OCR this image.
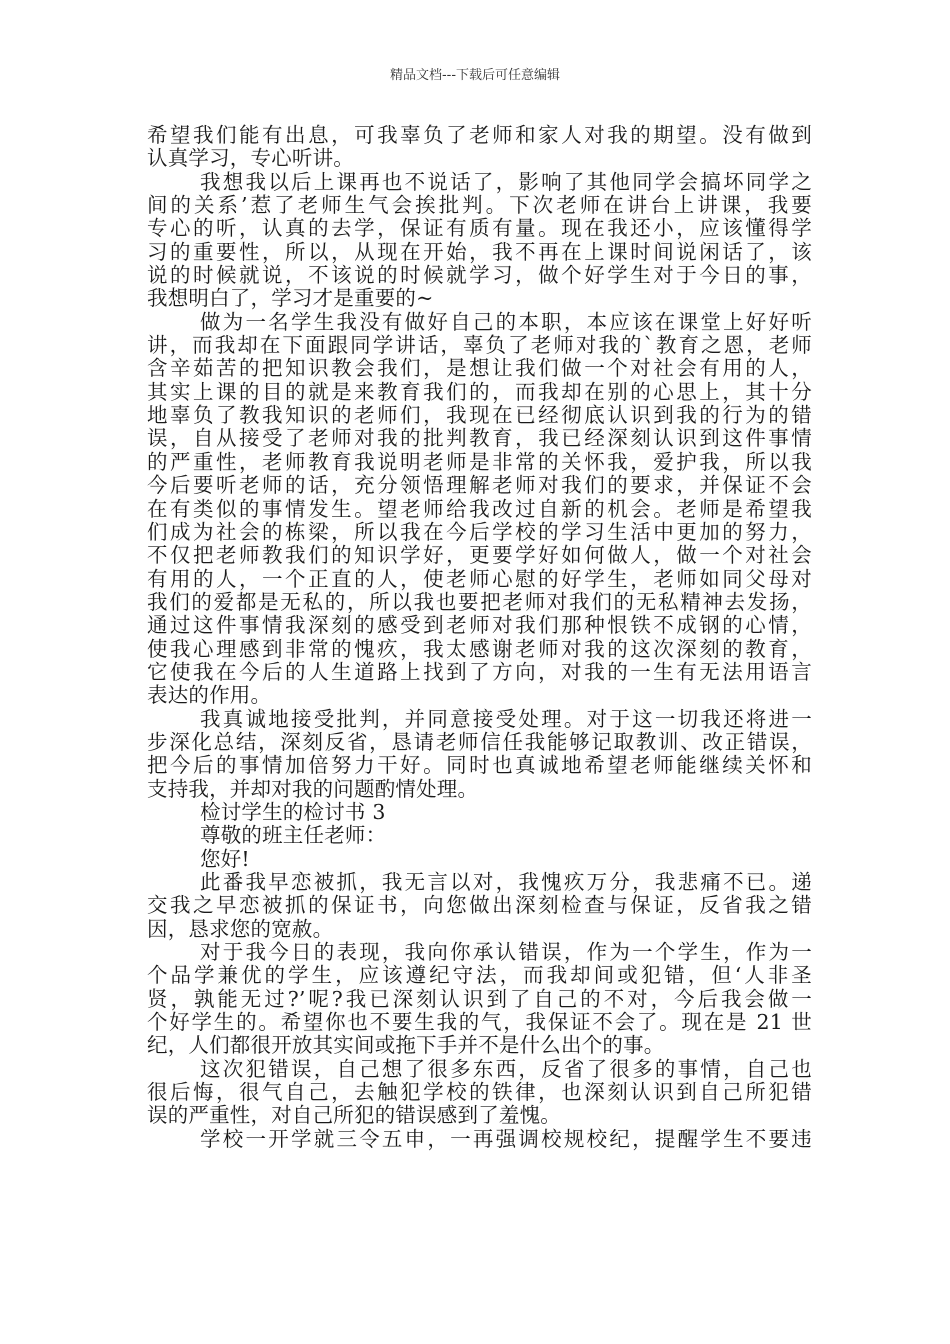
精品文档---下载后可任意编辑
希望我们能有出息，可我辜负了老师和家人对我的期望。没有做到
认真学习，专心听讲。
我想我以后上课再也不说话了，影响了其他同学会搞坏同学之
间的关系’惹了老师生气会挨批判。下次老师在讲台上讲课，我要
专心的听，认真的去学，保证有质有量。现在我还小，应该懂得学
习的重要性，所以，从现在开始，我不再在上课时间说闲话了，该
说的时候就说，不该说的时候就学习，做个好学生对于今日的事，
我想明白了，学习才是重要的~
做为一名学生我没有做好自己的本职，本应该在课堂上好好听
讲，而我却在下面跟同学讲话，辜负了老师对我的`教育之恩，老师
含辛茹苦的把知识教会我们，是想让我们做一个对社会有用的人，
其实上课的目的就是来教育我们的，而我却在别的心思上，其十分
地辜负了教我知识的老师们，我现在已经彻底认识到我的行为的错
误，自从接受了老师对我的批判教育，我已经深刻认识到这件事情
的严重性，老师教育我说明老师是非常的关怀我，爱护我，所以我
今后要听老师的话，充分领悟理解老师对我们的要求，并保证不会
在有类似的事情发生。望老师给我改过自新的机会。老师是希望我
们成为社会的栋梁，所以我在今后学校的学习生活中更加的努力，
不仅把老师教我们的知识学好，更要学好如何做人，做一个对社会
有用的人，一个正直的人，使老师心慰的好学生，老师如同父母对
我们的爱都是无私的，所以我也要把老师对我们的无私精神去发扬，
通过这件事情我深刻的感受到老师对我们那种恨铁不成钢的心情，
使我心理感到非常的愧疚，我太感谢老师对我的这次深刻的教育，
它使我在今后的人生道路上找到了方向，对我的一生有无法用语言
表达的作用。
我真诚地接受批判，并同意接受处理。对于这一切我还将进一
步深化总结，深刻反省，恳请老师信任我能够记取教训、改正错误，
把今后的事情加倍努力干好。同时也真诚地希望老师能继续关怀和
支持我，并却对我的问题酌情处理。
检讨学生的检讨书 3
尊敬的班主任老师：
您好!
此番我早恋被抓，我无言以对，我愧疚万分，我悲痛不已。递
交我之早恋被抓的保证书，向您做出深刻检查与保证，反省我之错
因，恳求您的宽赦。
对于我今日的表现，我向你承认错误，作为一个学生，作为一
个品学兼优的学生，应该遵纪守法，而我却间或犯错，但‘人非圣
贤，孰能无过?’呢?我已深刻认识到了自己的不对，今后我会做一
个好学生的。希望你也不要生我的气，我保证不会了。现在是 21 世
纪，人们都很开放其实间或拖下手并不是什么出个的事。
这次犯错误，自己想了很多东西，反省了很多的事情，自己也
很后悔，很气自己，去触犯学校的铁律，也深刻认识到自己所犯错
误的严重性，对自己所犯的错误感到了羞愧。
学校一开学就三令五申，一再强调校规校纪，提醒学生不要违
